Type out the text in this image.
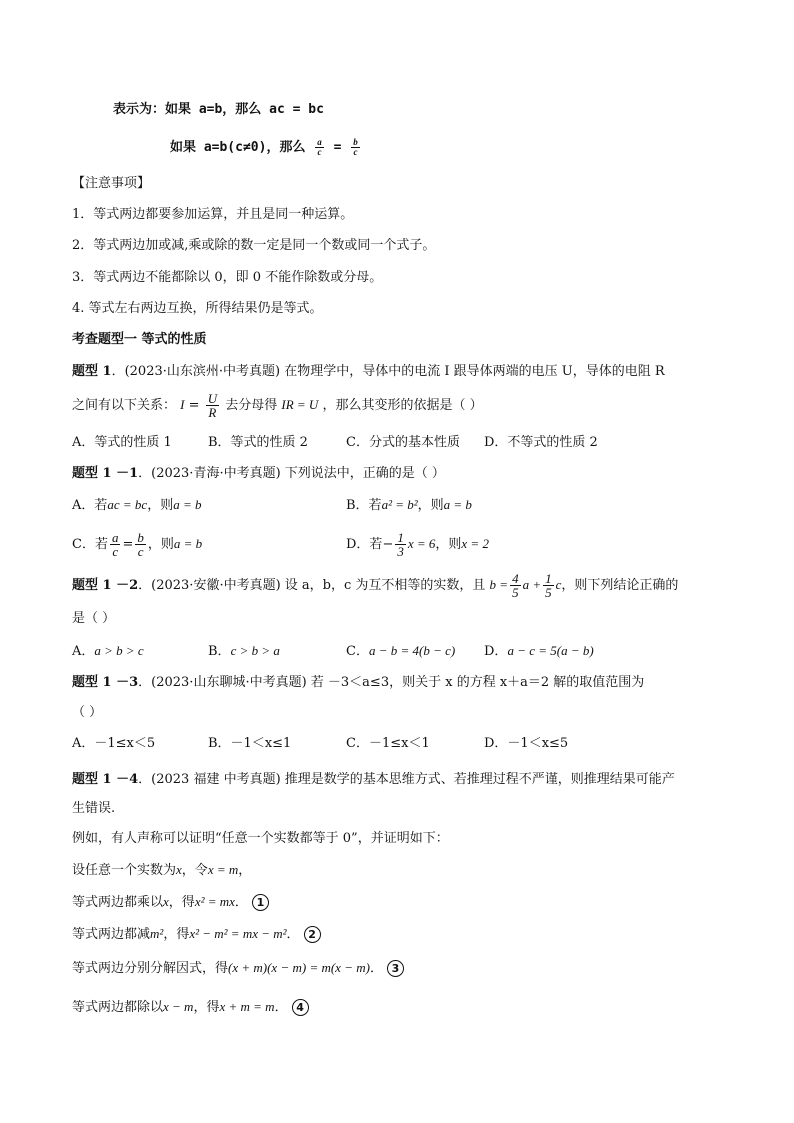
表示为：如果 a=b，那么 ac = bc
如果 a=b(c≠0)，那么 $\frac{a}{c} = \frac{b}{c}$
【注意事项】
1．等式两边都要参加运算，并且是同一种运算。
2．等式两边加或减,乘或除的数一定是同一个数或同一个式子。
3．等式两边不能都除以 0，即 0 不能作除数或分母。
4. 等式左右两边互换，所得结果仍是等式。
考查题型一 等式的性质
题型 1．(2023·山东滨州·中考真题) 在物理学中，导体中的电流 I 跟导体两端的电压 U，导体的电阻 R
之间有以下关系： $I = \frac{U}{R}$ 去分母得 IR = U ，那么其变形的依据是（ ）
A．等式的性质 1	B．等式的性质 2	C．分式的基本性质 D．不等式的性质 2
题型 1 －1．(2023·青海·中考真题) 下列说法中，正确的是（ ）
A．若ac = bc，则a = b	B．若a² = b²，则a = b
C．若 $\frac{a}{c} = \frac{b}{c}$ ，则a = b	D．若− $\frac{1}{3}$ x = 6，则x = 2
题型 1 －2．(2023·安徽·中考真题) 设 a，b，c 为互不相等的实数，且 $b = \frac{4}{5}$ $a + \frac{1}{5}$ c，则下列结论正确的
是（ ）
A．a > b > c	B．c > b > a	C．a − b = 4(b − c) D．a − c = 5(a − b)
题型 1 －3．(2023·山东聊城·中考真题) 若 －3＜a≤3，则关于 x 的方程 x＋a＝2 解的取值范围为
（ ）
A．－1≤x＜5	B．－1＜x≤1	C．－1≤x＜1	D．－1＜x≤5
题型 1 －4．(2023 福建 中考真题) 推理是数学的基本思维方式、若推理过程不严谨，则推理结果可能产
生错误.
例如，有人声称可以证明“任意一个实数都等于 0”，并证明如下：
设任意一个实数为x，令x = m，
等式两边都乘以x，得x² = mx． 1
等式两边都减m²，得x² − m² = mx − m²． 2
等式两边分别分解因式，得(x + m)(x − m) = m(x − m)． 3
等式两边都除以x − m，得x + m = m． 4
